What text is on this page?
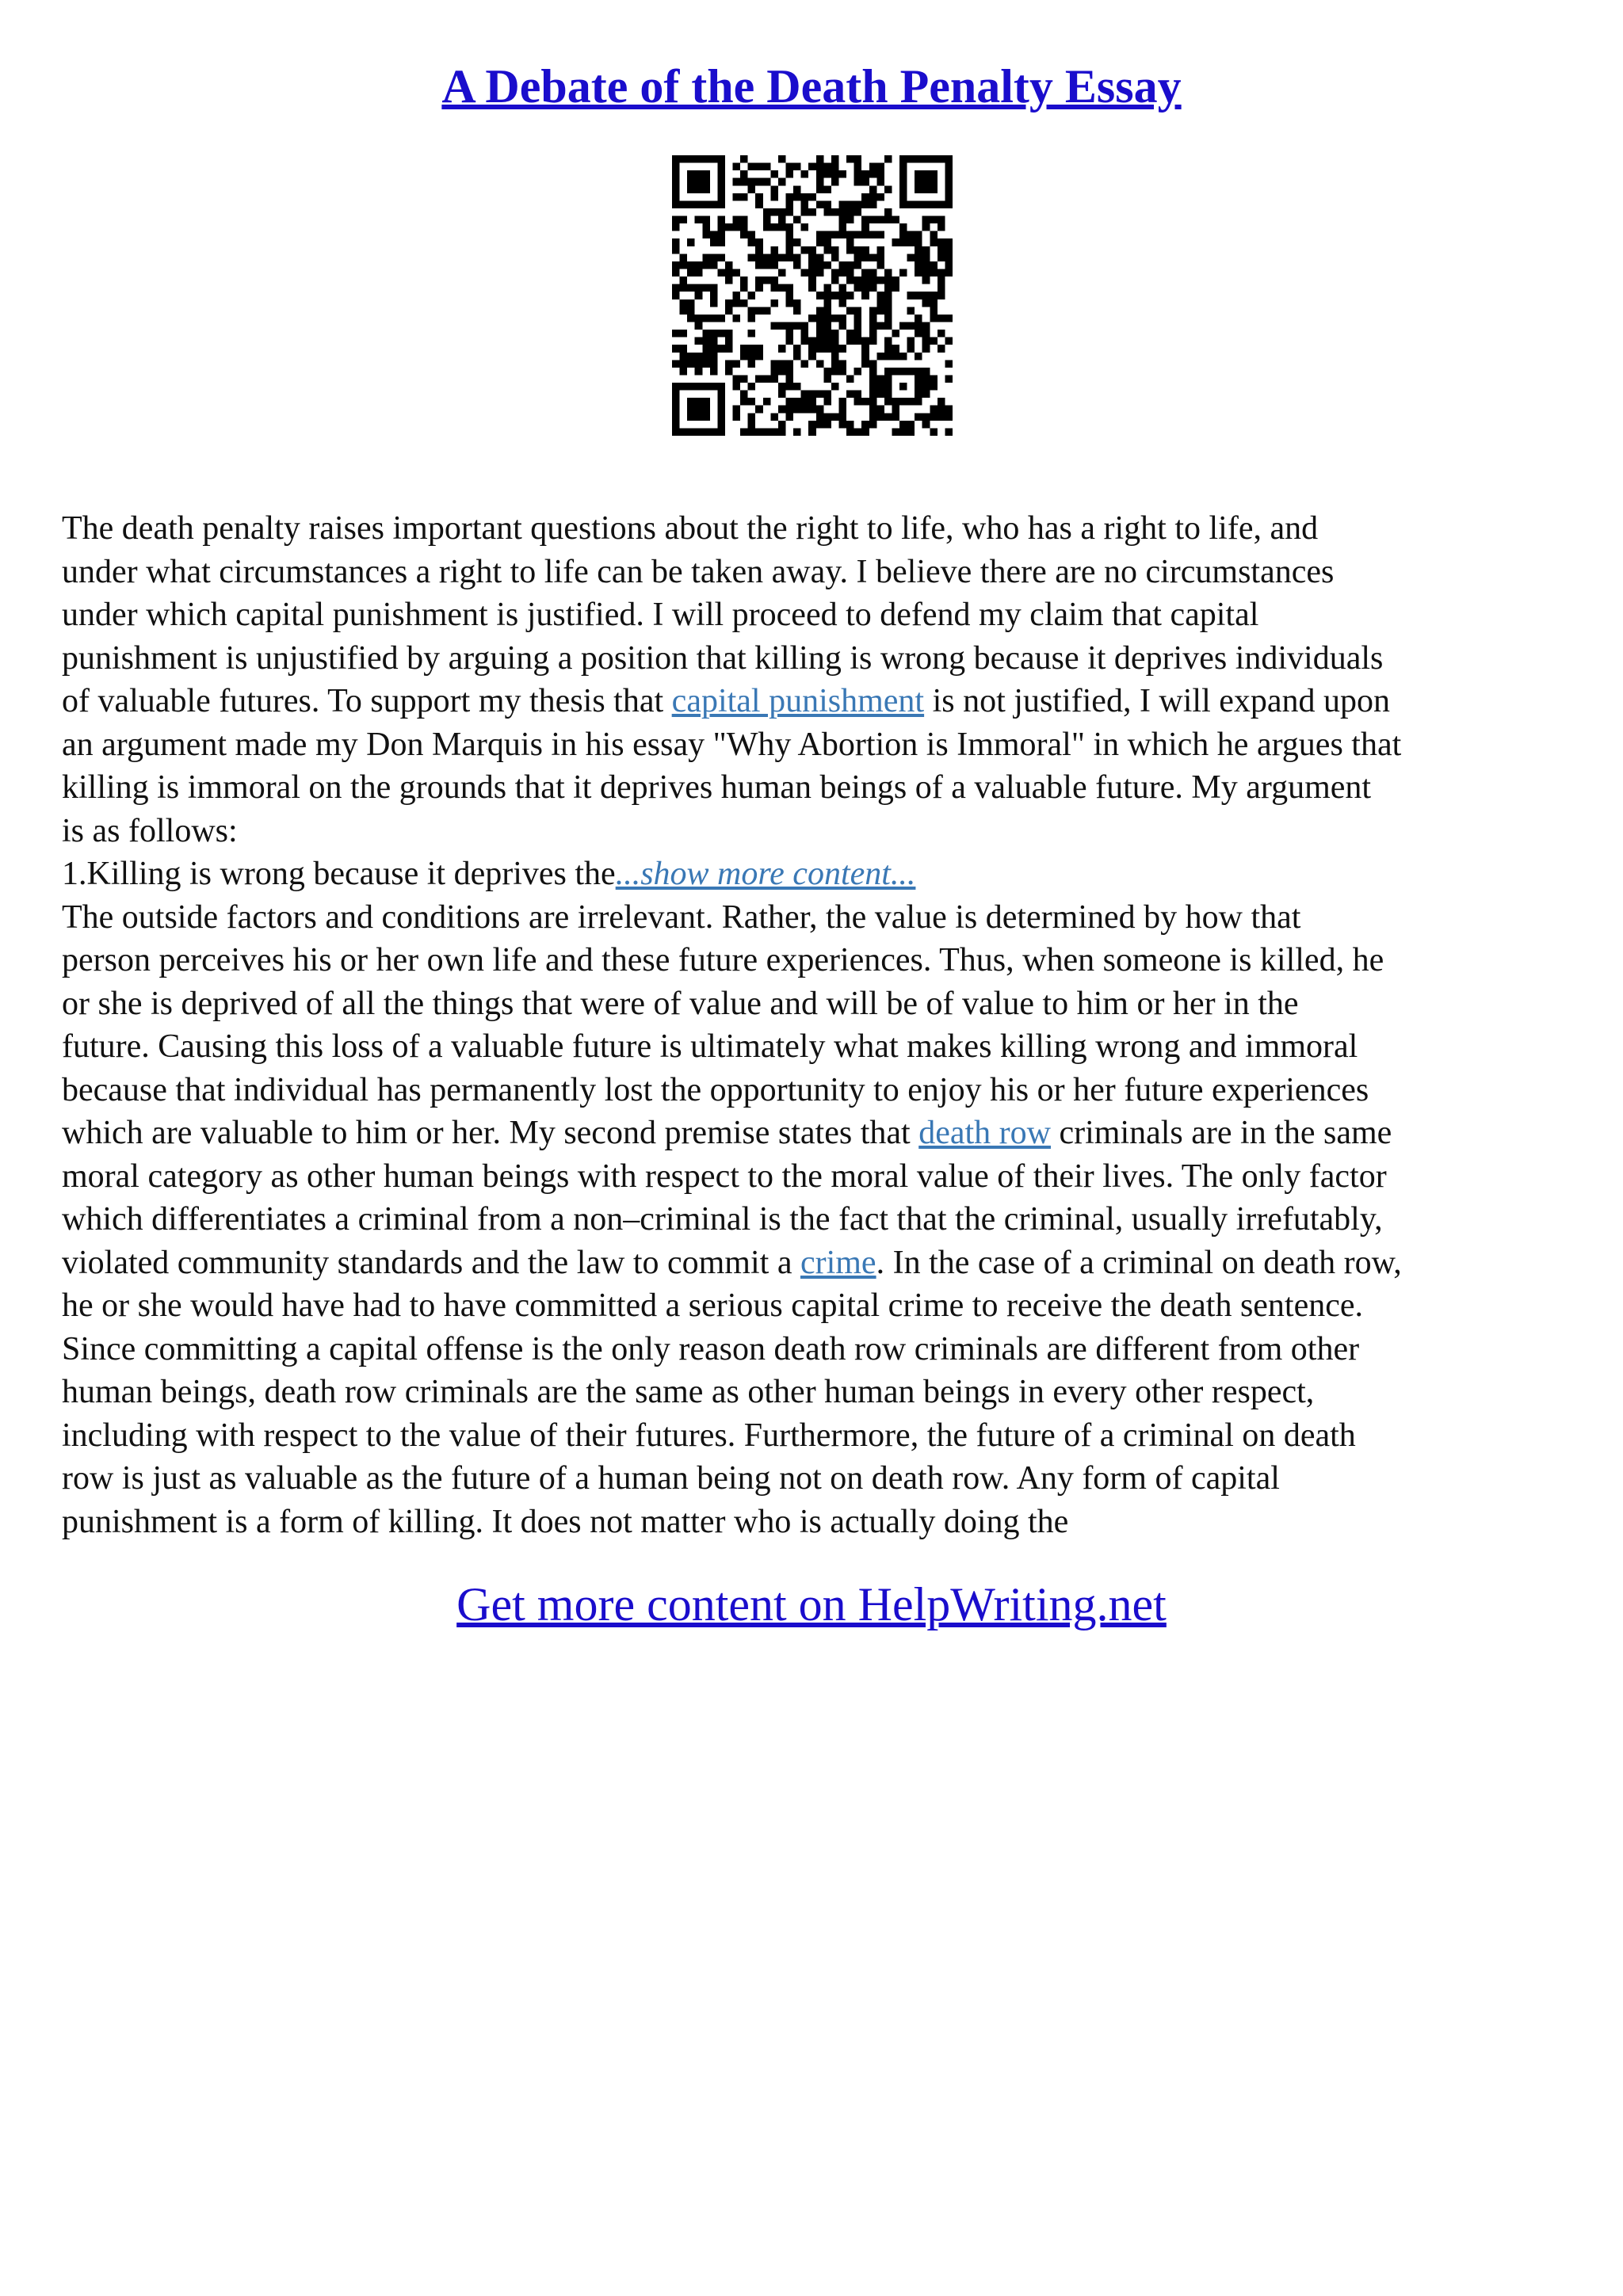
A Debate of the Death Penalty Essay
The death penalty raises important questions about the right to life, who has a right to life, and
under what circumstances a right to life can be taken away. I believe there are no circumstances
under which capital punishment is justified. I will proceed to defend my claim that capital
punishment is unjustified by arguing a position that killing is wrong because it deprives individuals
of valuable futures. To support my thesis that capital punishment is not justified, I will expand upon
an argument made my Don Marquis in his essay "Why Abortion is Immoral" in which he argues that
killing is immoral on the grounds that it deprives human beings of a valuable future. My argument
is as follows:
1.Killing is wrong because it deprives the...show more content...
The outside factors and conditions are irrelevant. Rather, the value is determined by how that
person perceives his or her own life and these future experiences. Thus, when someone is killed, he
or she is deprived of all the things that were of value and will be of value to him or her in the
future. Causing this loss of a valuable future is ultimately what makes killing wrong and immoral
because that individual has permanently lost the opportunity to enjoy his or her future experiences
which are valuable to him or her. My second premise states that death row criminals are in the same
moral category as other human beings with respect to the moral value of their lives. The only factor
which differentiates a criminal from a non–criminal is the fact that the criminal, usually irrefutably,
violated community standards and the law to commit a crime. In the case of a criminal on death row,
he or she would have had to have committed a serious capital crime to receive the death sentence.
Since committing a capital offense is the only reason death row criminals are different from other
human beings, death row criminals are the same as other human beings in every other respect,
including with respect to the value of their futures. Furthermore, the future of a criminal on death
row is just as valuable as the future of a human being not on death row. Any form of capital
punishment is a form of killing. It does not matter who is actually doing the
Get more content on HelpWriting.net
